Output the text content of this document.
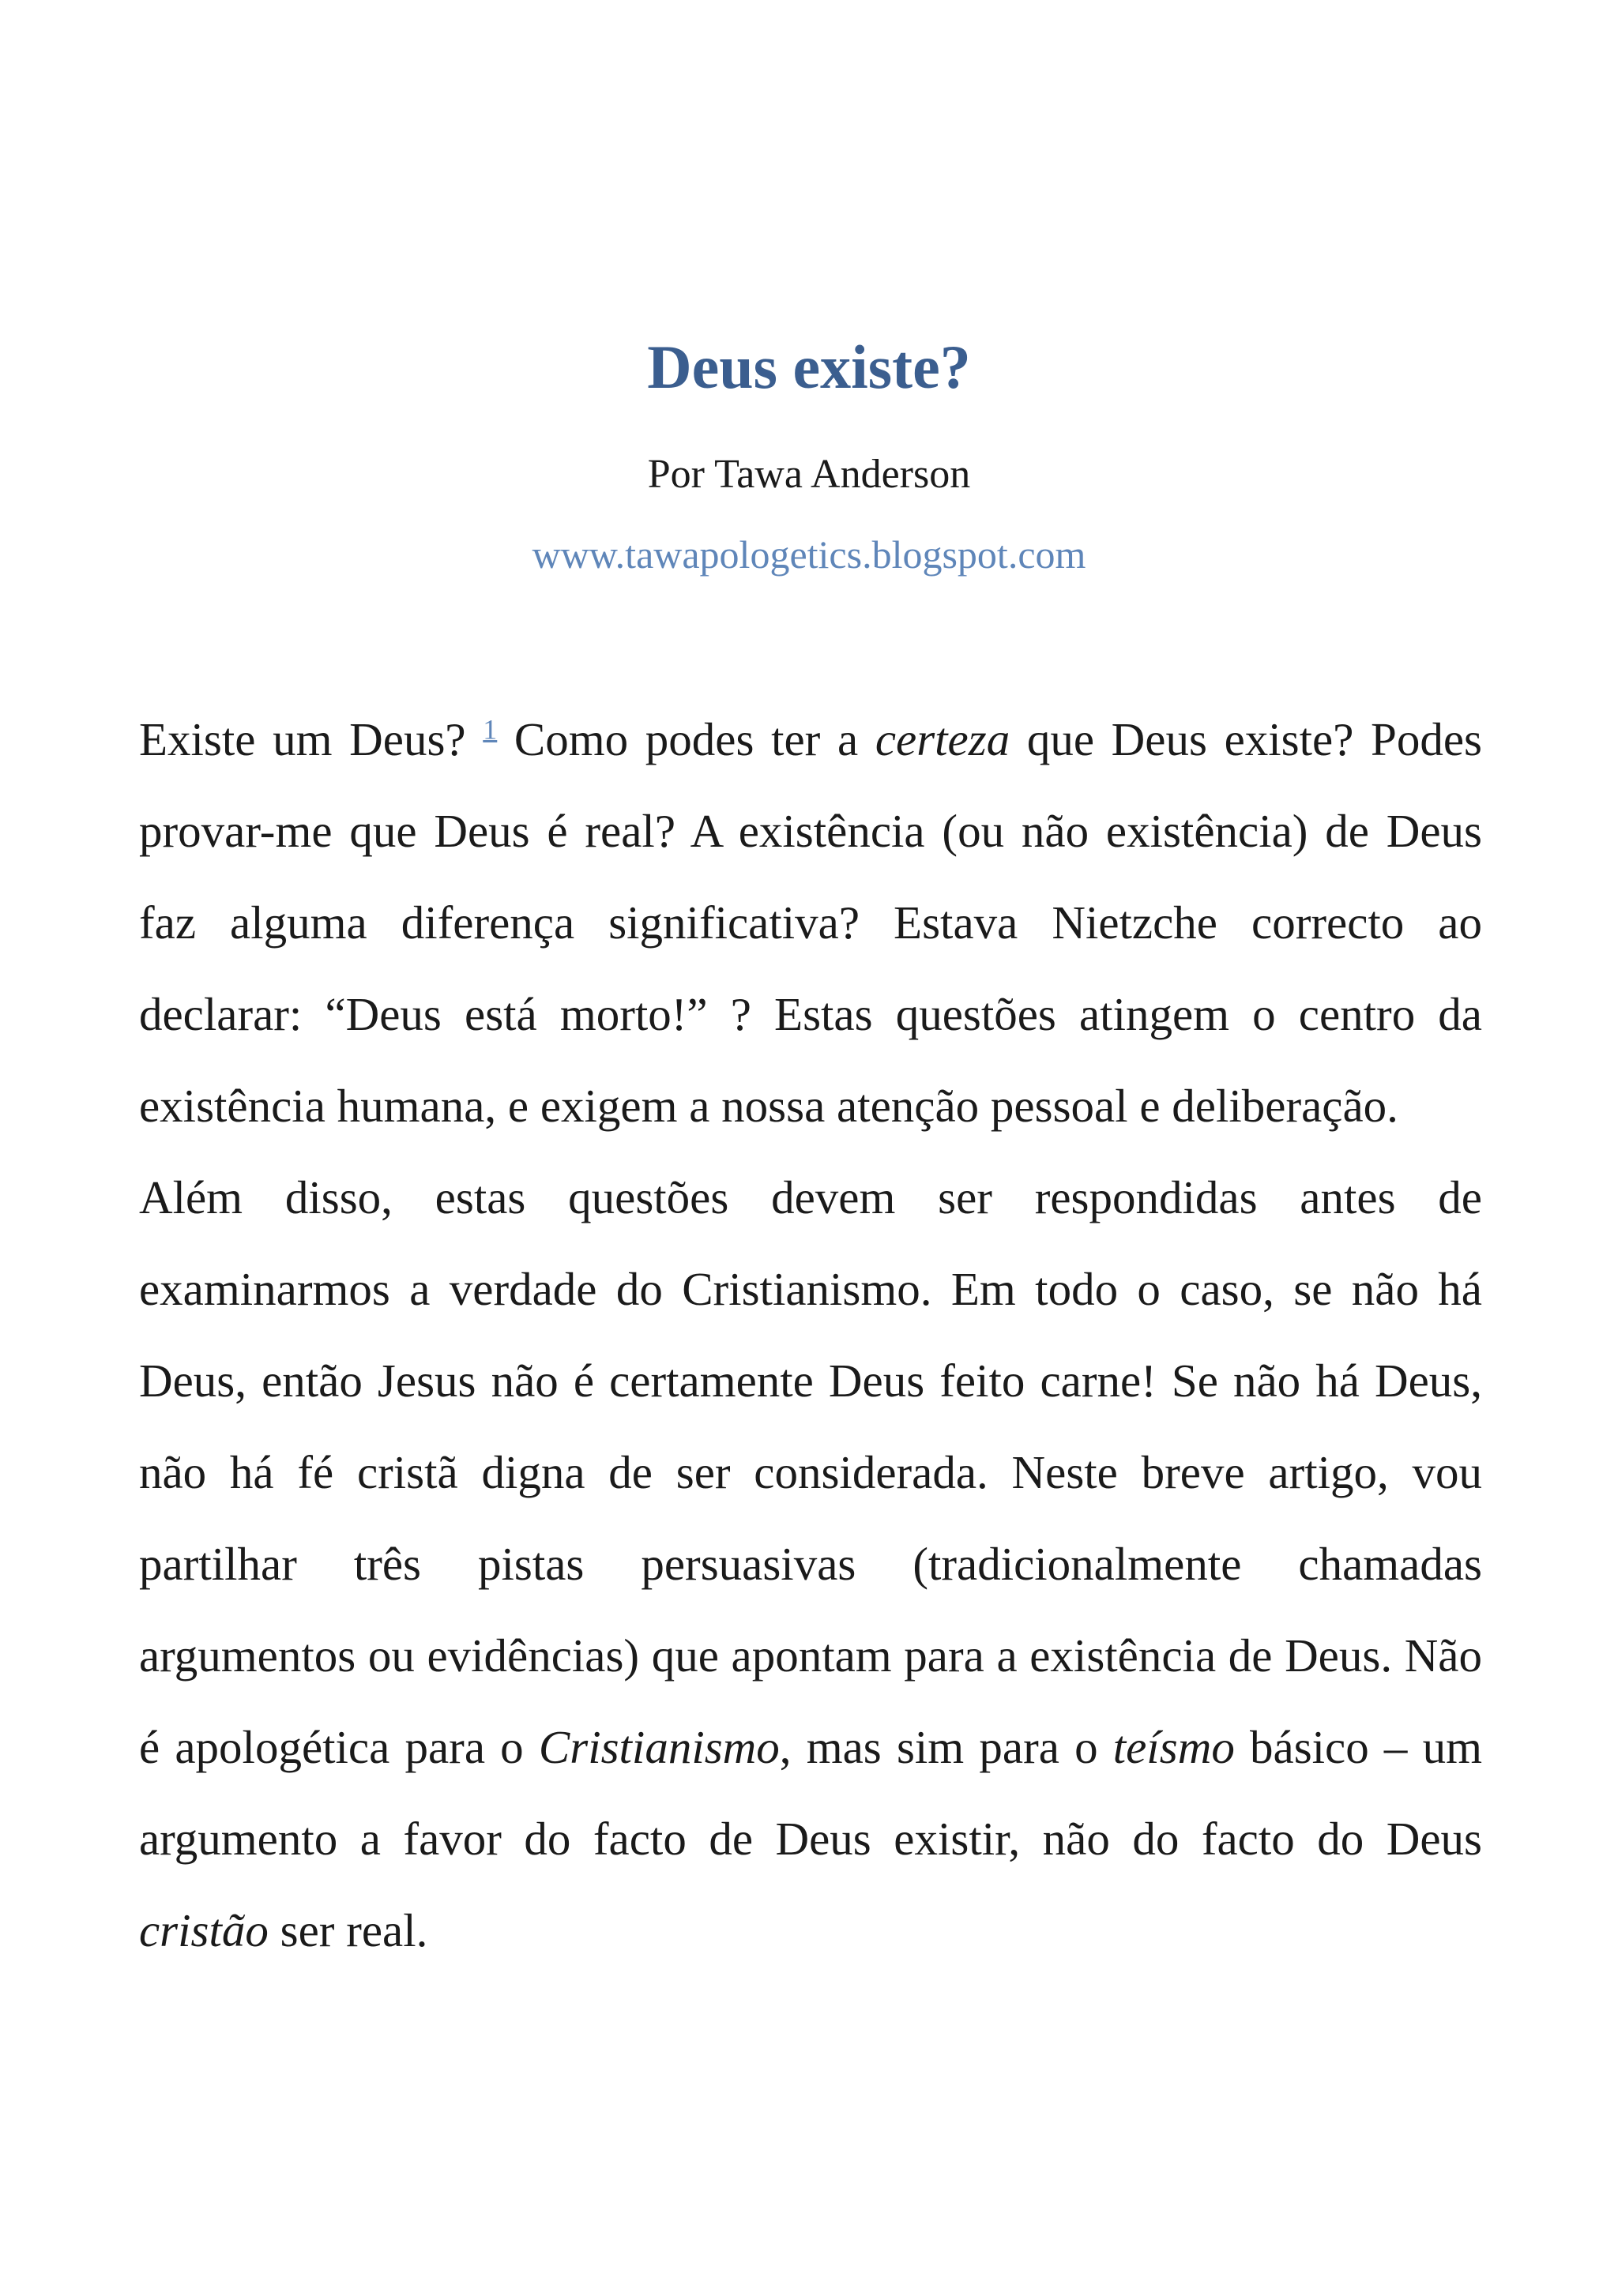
Deus existe?
Por Tawa Anderson
www.tawapologetics.blogspot.com

Existe um Deus? $^1$ Como podes ter a certeza que Deus existe? Podes provar-me que Deus é real? A existência (ou não existência) de Deus faz alguma diferença significativa? Estava Nietzche correcto ao declarar: “Deus está morto!” ? Estas questões atingem o centro da existência humana, e exigem a nossa atenção pessoal e deliberação.

Além disso, estas questões devem ser respondidas antes de examinarmos a verdade do Cristianismo. Em todo o caso, se não há Deus, então Jesus não é certamente Deus feito carne! Se não há Deus, não há fé cristã digna de ser considerada. Neste breve artigo, vou partilhar três pistas persuasivas (tradicionalmente chamadas argumentos ou evidências) que apontam para a existência de Deus. Não é apologética para o Cristianismo, mas sim para o teísmo básico – um argumento a favor do facto de Deus existir, não do facto do Deus cristão ser real.
